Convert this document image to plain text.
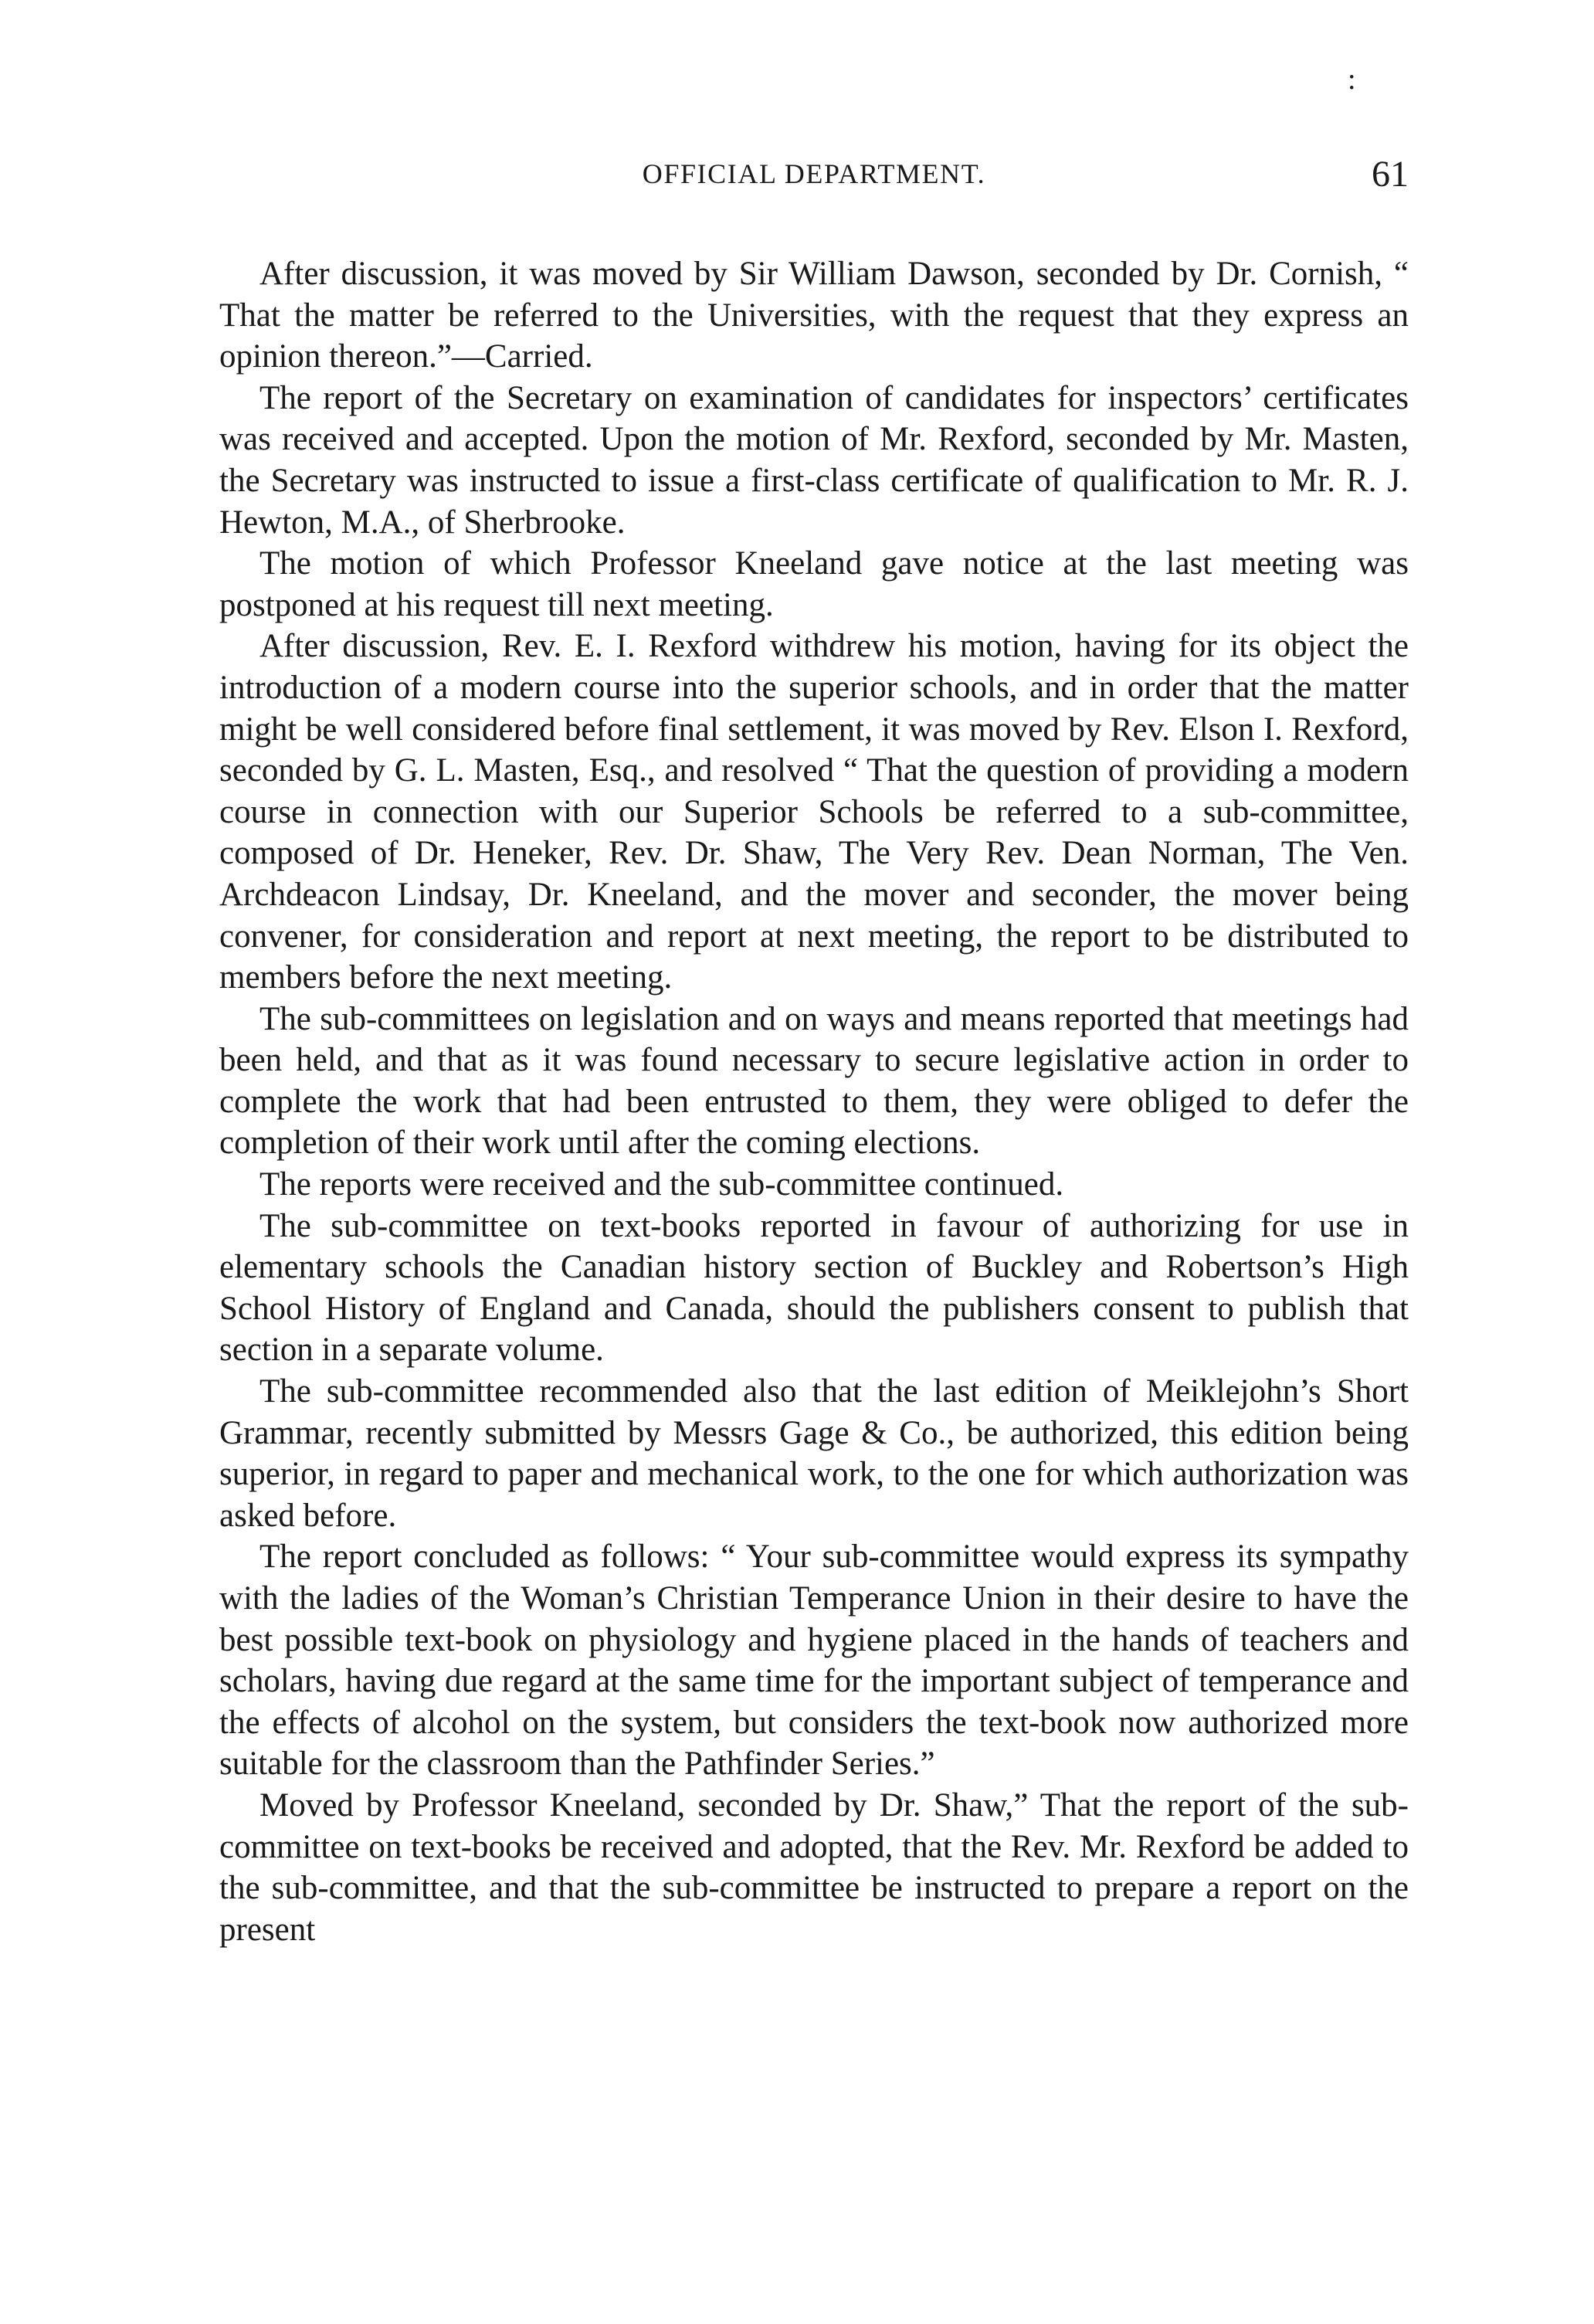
:
OFFICIAL DEPARTMENT.	61

After discussion, it was moved by Sir William Dawson, seconded by Dr. Cornish, “ That the matter be referred to the Universities, with the request that they express an opinion thereon.”—Carried.

The report of the Secretary on examination of candidates for inspectors’ certificates was received and accepted. Upon the motion of Mr. Rexford, seconded by Mr. Masten, the Secretary was instructed to issue a first-class certificate of qualification to Mr. R. J. Hewton, M.A., of Sherbrooke.

The motion of which Professor Kneeland gave notice at the last meeting was postponed at his request till next meeting.

After discussion, Rev. E. I. Rexford withdrew his motion, having for its object the introduction of a modern course into the superior schools, and in order that the matter might be well considered before final settlement, it was moved by Rev. Elson I. Rexford, seconded by G. L. Masten, Esq., and resolved “ That the question of providing a modern course in connection with our Superior Schools be referred to a sub-committee, composed of Dr. Heneker, Rev. Dr. Shaw, The Very Rev. Dean Norman, The Ven. Archdeacon Lindsay, Dr. Kneeland, and the mover and seconder, the mover being convener, for consideration and report at next meeting, the report to be distributed to members before the next meeting.

The sub-committees on legislation and on ways and means reported that meetings had been held, and that as it was found necessary to secure legislative action in order to complete the work that had been entrusted to them, they were obliged to defer the completion of their work until after the coming elections.

The reports were received and the sub-committee continued.

The sub-committee on text-books reported in favour of authorizing for use in elementary schools the Canadian history section of Buckley and Robertson’s High School History of England and Canada, should the publishers consent to publish that section in a separate volume.

The sub-committee recommended also that the last edition of Meiklejohn’s Short Grammar, recently submitted by Messrs Gage & Co., be authorized, this edition being superior, in regard to paper and mechanical work, to the one for which authorization was asked before.

The report concluded as follows: “ Your sub-committee would express its sympathy with the ladies of the Woman’s Christian Temperance Union in their desire to have the best possible text-book on physiology and hygiene placed in the hands of teachers and scholars, having due regard at the same time for the important subject of temperance and the effects of alcohol on the system, but considers the text-book now authorized more suitable for the classroom than the Pathfinder Series.”

Moved by Professor Kneeland, seconded by Dr. Shaw,” That the report of the sub-committee on text-books be received and adopted, that the Rev. Mr. Rexford be added to the sub-committee, and that the sub-committee be instructed to prepare a report on the present
